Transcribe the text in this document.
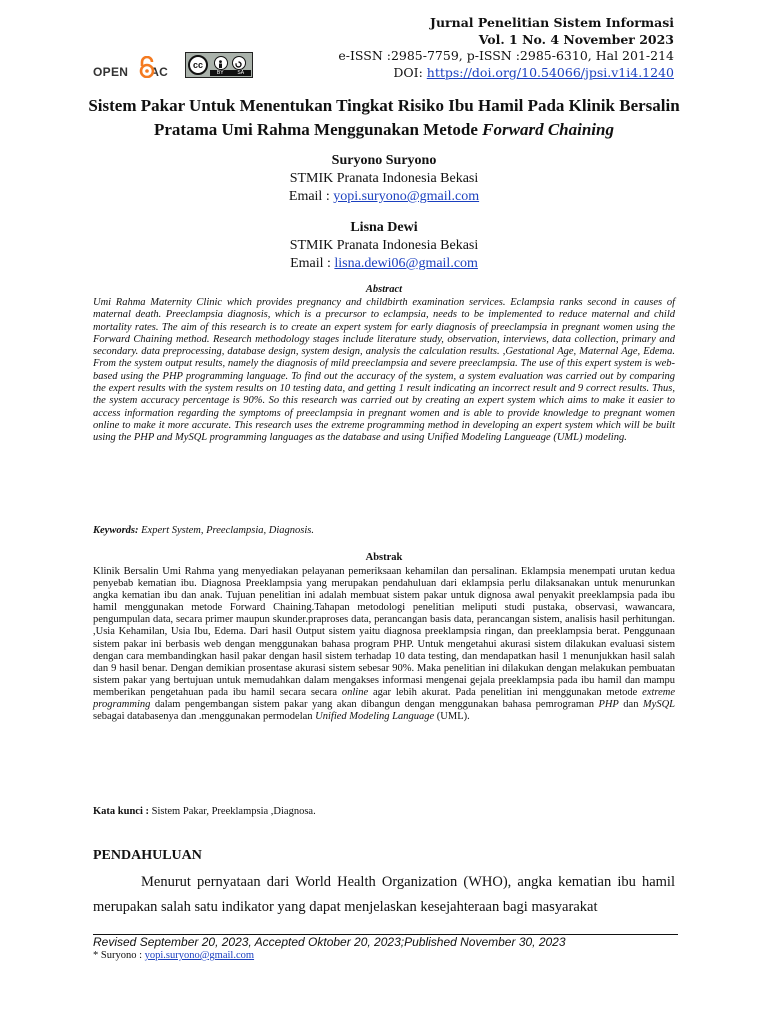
OPEN AC	cc
BY	SA
Jurnal Penelitian Sistem Informasi
Vol. 1 No. 4 November 2023
e-ISSN :2985-7759, p-ISSN :2985-6310, Hal 201-214
DOI: https://doi.org/10.54066/jpsi.v1i4.1240
Sistem Pakar Untuk Menentukan Tingkat Risiko Ibu Hamil Pada Klinik Bersalin Pratama Umi Rahma Menggunakan Metode Forward Chaining
Suryono Suryono
STMIK Pranata Indonesia Bekasi
Email : yopi.suryono@gmail.com
Lisna Dewi
STMIK Pranata Indonesia Bekasi
Email : lisna.dewi06@gmail.com
Abstract
Umi Rahma Maternity Clinic which provides pregnancy and childbirth examination services. Eclampsia ranks second in causes of maternal death. Preeclampsia diagnosis, which is a precursor to eclampsia, needs to be implemented to reduce maternal and child mortality rates. The aim of this research is to create an expert system for early diagnosis of preeclampsia in pregnant women using the Forward Chaining method. Research methodology stages include literature study, observation, interviews, data collection, primary and secondary. data preprocessing, database design, system design, analysis the calculation results. ,Gestational Age, Maternal Age, Edema. From the system output results, namely the diagnosis of mild preeclampsia and severe preeclampsia. The use of this expert system is web-based using the PHP programming language. To find out the accuracy of the system, a system evaluation was carried out by comparing the expert results with the system results on 10 testing data, and getting 1 result indicating an incorrect result and 9 correct results. Thus, the system accuracy percentage is 90%. So this research was carried out by creating an expert system which aims to make it easier to access information regarding the symptoms of preeclampsia in pregnant women and is able to provide knowledge to pregnant women online to make it more accurate. This research uses the extreme programming method in developing an expert system which will be built using the PHP and MySQL programming languages as the database and using Unified Modeling Langueage (UML) modeling.
Keywords: Expert System, Preeclampsia, Diagnosis.
Abstrak
Klinik Bersalin Umi Rahma yang menyediakan pelayanan pemeriksaan kehamilan dan persalinan. Eklampsia menempati urutan kedua penyebab kematian ibu. Diagnosa Preeklampsia yang merupakan pendahuluan dari eklampsia perlu dilaksanakan untuk menurunkan angka kematian ibu dan anak. Tujuan penelitian ini adalah membuat sistem pakar untuk dignosa awal penyakit preeklampsia pada ibu hamil menggunakan metode Forward Chaining.Tahapan metodologi penelitian meliputi studi pustaka, observasi, wawancara, pengumpulan data, secara primer maupun skunder.praproses data, perancangan basis data, perancangan sistem, analisis hasil perhitungan. ,Usia Kehamilan, Usia Ibu, Edema. Dari hasil Output sistem yaitu diagnosa preeklampsia ringan, dan preeklampsia berat. Penggunaan sistem pakar ini berbasis web dengan menggunakan bahasa program PHP. Untuk mengetahui akurasi sistem dilakukan evaluasi sistem dengan cara membandingkan hasil pakar dengan hasil sistem terhadap 10 data testing, dan mendapatkan hasil 1 menunjukkan hasil salah dan 9 hasil benar. Dengan demikian prosentase akurasi sistem sebesar 90%. Maka penelitian ini dilakukan dengan melakukan pembuatan sistem pakar yang bertujuan untuk memudahkan dalam mengakses informasi mengenai gejala preeklampsia pada ibu hamil dan mampu memberikan pengetahuan pada ibu hamil secara secara online agar lebih akurat. Pada penelitian ini menggunakan metode extreme programming dalam pengembangan sistem pakar yang akan dibangun dengan menggunakan bahasa pemrograman PHP dan MySQL sebagai databasenya dan .menggunakan permodelan Unified Modeling Language (UML).
Kata kunci : Sistem Pakar, Preeklampsia ,Diagnosa.
PENDAHULUAN
Menurut pernyataan dari World Health Organization (WHO), angka kematian ibu hamil merupakan salah satu indikator yang dapat menjelaskan kesejahteraan bagi masyarakat
Revised September 20, 2023, Accepted Oktober 20, 2023;Published November 30, 2023
* Suryono : yopi.suryono@gmail.com
